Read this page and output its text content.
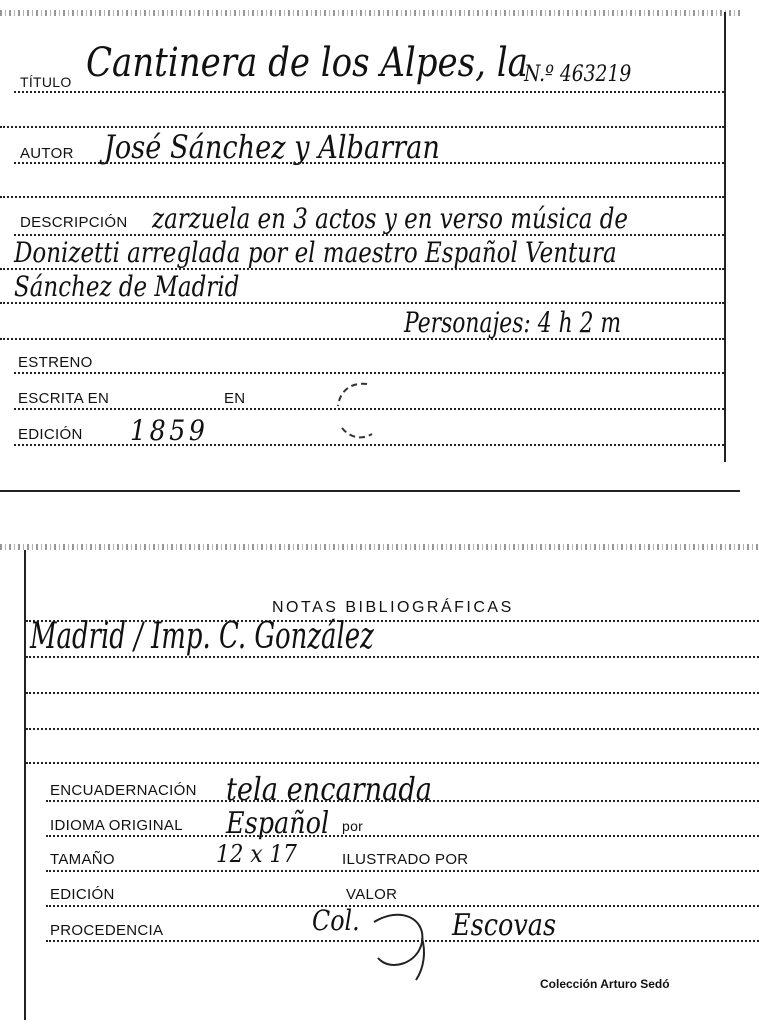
TÍTULO Cantinera de los Alpes, la
N.º 463219
AUTOR José Sánchez y Albarran
DESCRIPCIÓN zarzuela en 3 actos y en verso música de
Donizetti arreglada por el maestro Español Ventura
Sánchez de Madrid
Personajes: 4 h 2 m
ESTRENO
ESCRITA EN	EN
EDICIÓN 1859
NOTAS BIBLIOGRÁFICAS
Madrid / Imp. C. González
ENCUADERNACIÓN tela encarnada
IDIOMA ORIGINAL Español por
TAMAÑO	12 x 17	ILUSTRADO POR
EDICIÓN	VALOR
PROCEDENCIA	Col.	Escovas
Colección Arturo Sedó
